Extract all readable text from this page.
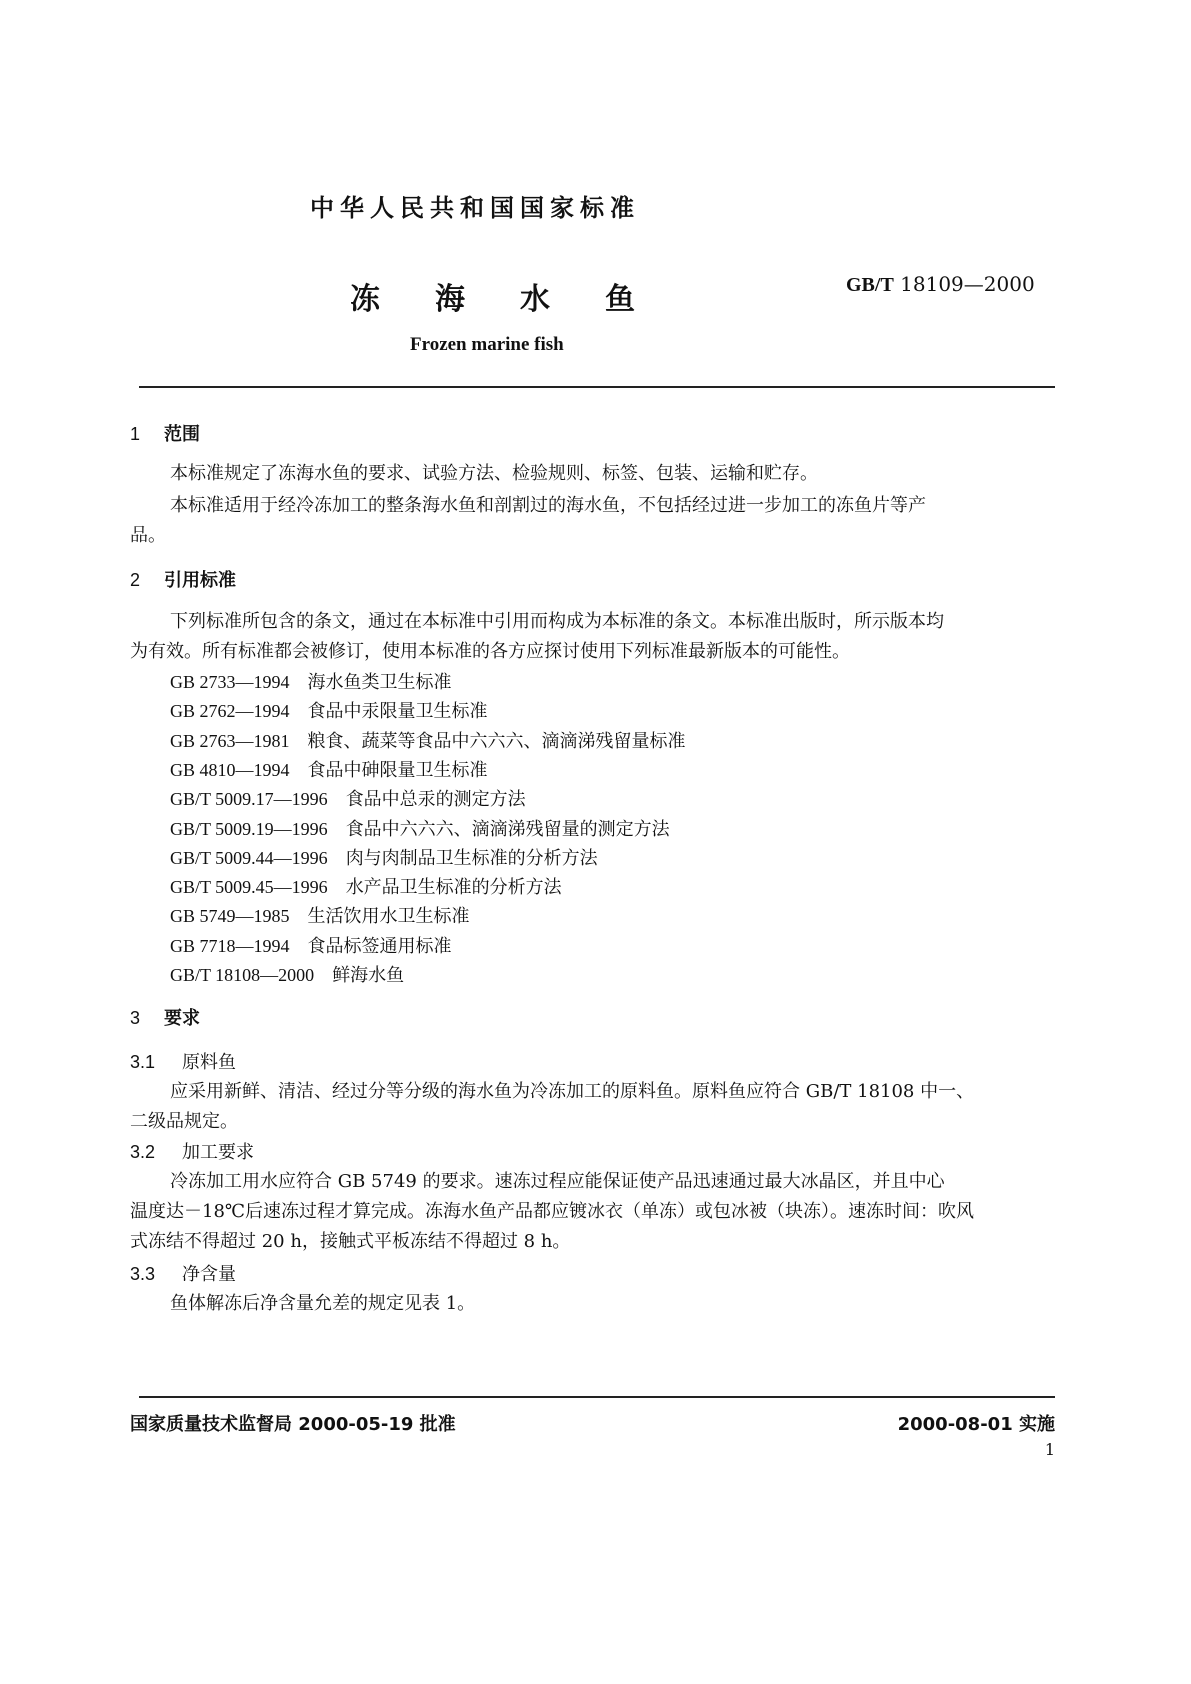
中华人民共和国国家标准
冻海水鱼	GB/T 18109—2000
Frozen marine fish
1 范围
本标准规定了冻海水鱼的要求、试验方法、检验规则、标签、包装、运输和贮存。
本标准适用于经冷冻加工的整条海水鱼和剖割过的海水鱼，不包括经过进一步加工的冻鱼片等产
品。
2 引用标准
下列标准所包含的条文，通过在本标准中引用而构成为本标准的条文。本标准出版时，所示版本均
为有效。所有标准都会被修订，使用本标准的各方应探讨使用下列标准最新版本的可能性。
GB 2733—1994 海水鱼类卫生标准
GB 2762—1994 食品中汞限量卫生标准
GB 2763—1981 粮食、蔬菜等食品中六六六、滴滴涕残留量标准
GB 4810—1994 食品中砷限量卫生标准
GB/T 5009.17—1996 食品中总汞的测定方法
GB/T 5009.19—1996 食品中六六六、滴滴涕残留量的测定方法
GB/T 5009.44—1996 肉与肉制品卫生标准的分析方法
GB/T 5009.45—1996 水产品卫生标准的分析方法
GB 5749—1985 生活饮用水卫生标准
GB 7718—1994 食品标签通用标准
GB/T 18108—2000 鲜海水鱼
3 要求
3.1 原料鱼
应采用新鲜、清洁、经过分等分级的海水鱼为冷冻加工的原料鱼。原料鱼应符合 GB/T 18108 中一、
二级品规定。
3.2 加工要求
冷冻加工用水应符合 GB 5749 的要求。速冻过程应能保证使产品迅速通过最大冰晶区，并且中心
温度达－18℃后速冻过程才算完成。冻海水鱼产品都应镀冰衣（单冻）或包冰被（块冻）。速冻时间：吹风
式冻结不得超过 20 h，接触式平板冻结不得超过 8 h。
3.3 净含量
鱼体解冻后净含量允差的规定见表 1。
国家质量技术监督局 2000-05-19 批准	2000-08-01 实施
1
